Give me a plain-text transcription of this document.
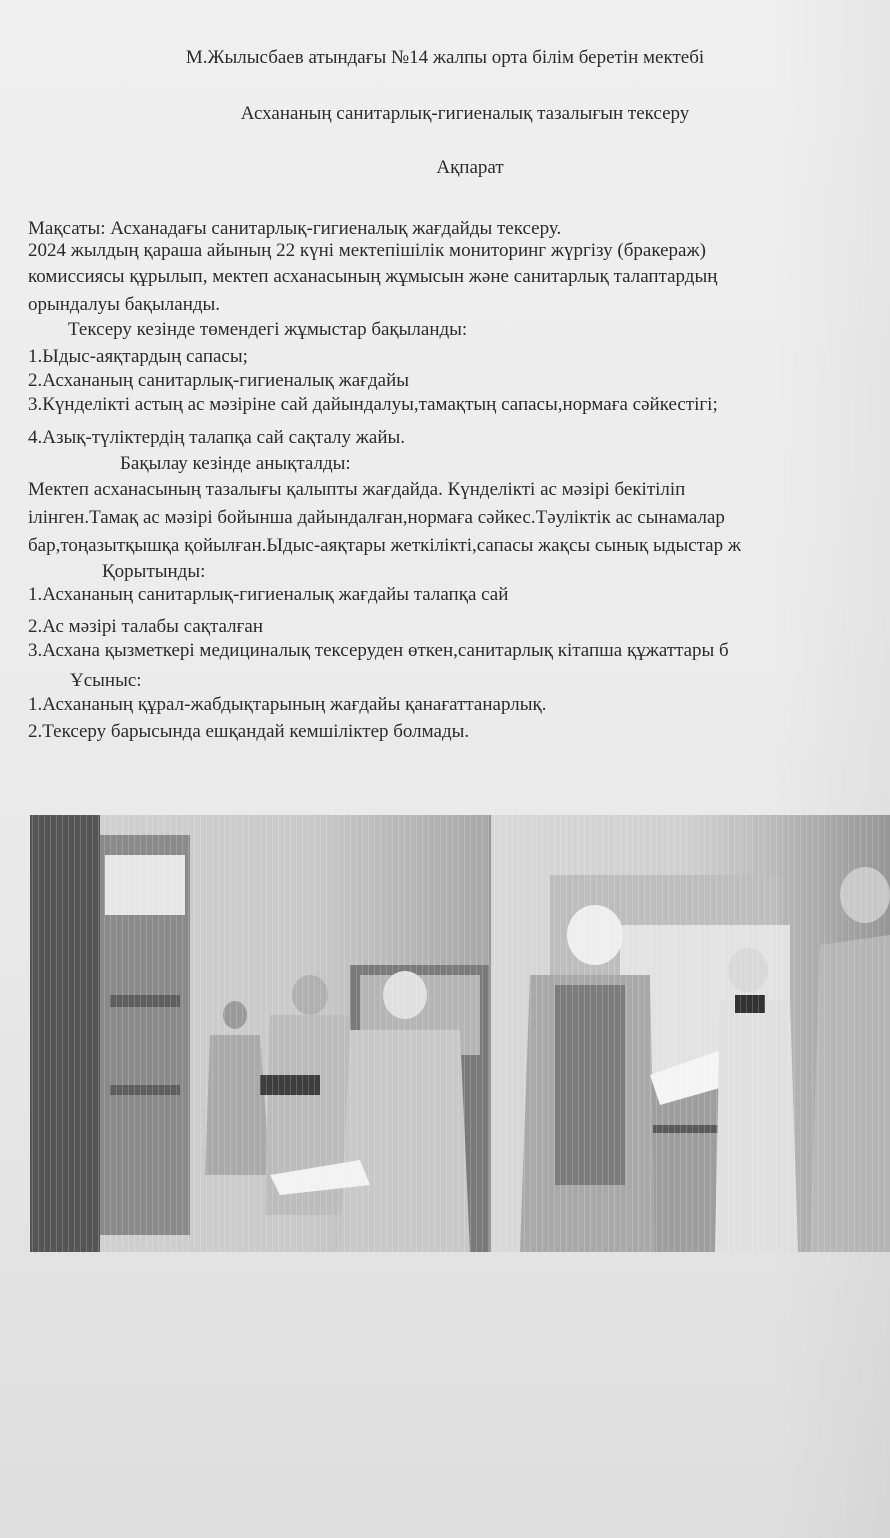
М.Жылысбаев атындағы №14 жалпы орта білім беретін мектебі
Асхананың санитарлық-гигиеналық тазалығын тексеру
Ақпарат
Мақсаты: Асханадағы санитарлық-гигиеналық жағдайды тексеру.
2024 жылдың қараша айының 22 күні мектепішілік мониторинг жүргізу (бракераж)
комиссиясы құрылып, мектеп асханасының жұмысын және санитарлық талаптардың
орындалуы бақыланды.
Тексеру кезінде төмендегі жұмыстар бақыланды:
1.Ыдыс-аяқтардың сапасы;
2.Асхананың санитарлық-гигиеналық жағдайы
3.Күнделікті астың ас мәзіріне сай дайындалуы,тамақтың сапасы,нормаға сәйкестігі;
4.Азық-түліктердің талапқа сай сақталу жайы.
Бақылау кезінде анықталды:
Мектеп асханасының тазалығы қалыпты жағдайда. Күнделікті ас мәзірі бекітіліп
ілінген.Тамақ ас мәзірі бойынша дайындалған,нормаға сәйкес.Тәуліктік ас сынамалар
бар,тоңазытқышқа қойылған.Ыдыс-аяқтары жеткілікті,сапасы жақсы сынық ыдыстар ж
Қорытынды:
1.Асхананың санитарлық-гигиеналық жағдайы талапқа сай
2.Ас мәзірі талабы сақталған
3.Асхана қызметкері медициналық тексеруден өткен,санитарлық кітапша құжаттары б
Ұсыныс:
1.Асхананың құрал-жабдықтарының жағдайы қанағаттанарлық.
2.Тексеру барысында ешқандай кемшіліктер болмады.
